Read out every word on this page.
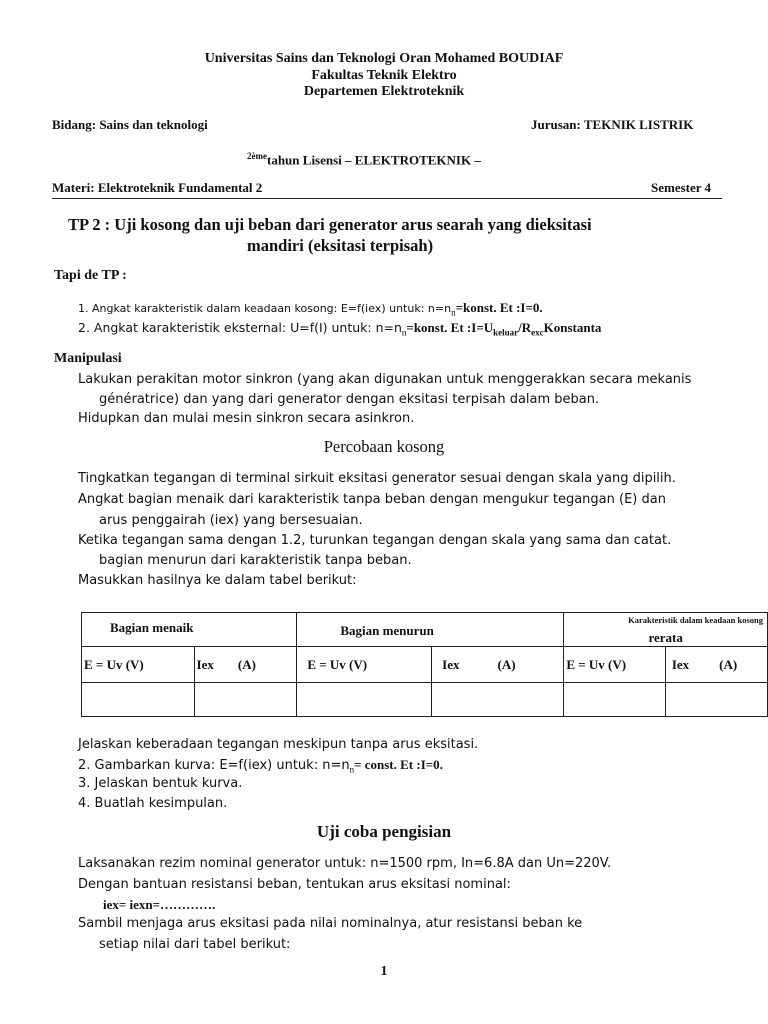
Universitas Sains dan Teknologi Oran Mohamed BOUDIAF
Fakultas Teknik Elektro
Departemen Elektroteknik
Bidang: Sains dan teknologi	Jurusan: TEKNIK LISTRIK
$^{2ème}$tahun Lisensi – ELEKTROTEKNIK –
Materi: Elektroteknik Fundamental 2	Semester 4
TP 2 : Uji kosong dan uji beban dari generator arus searah yang dieksitasi
mandiri (eksitasi terpisah)
Tapi de TP :
1. Angkat karakteristik dalam keadaan kosong: E=f(iex) untuk: $n=n_n=konst$. Et :I=0.
2. Angkat karakteristik eksternal: U=f(I) untuk: $n=n_n=konst$. Et $:I=U_{keluar}/R_{exc}Konstanta$
Manipulasi
Lakukan perakitan motor sinkron (yang akan digunakan untuk menggerakkan secara mekanis
génératrice) dan yang dari generator dengan eksitasi terpisah dalam beban.
Hidupkan dan mulai mesin sinkron secara asinkron.
Percobaan kosong
Tingkatkan tegangan di terminal sirkuit eksitasi generator sesuai dengan skala yang dipilih.
Angkat bagian menaik dari karakteristik tanpa beban dengan mengukur tegangan (E) dan
arus penggairah (iex) yang bersesuaian.
Ketika tegangan sama dengan 1.2, turunkan tegangan dengan skala yang sama dan catat.
bagian menurun dari karakteristik tanpa beban.
Masukkan hasilnya ke dalam tabel berikut:
Bagian menaik		Bagian menurun		Karakteristik dalam keadaan kosong
rerata	

E = Uv (V)	Iex (A)	E = Uv (V)	Iex (A)	E = Uv (V)	Iex (A)

Jelaskan keberadaan tegangan meskipun tanpa arus eksitasi.
2. Gambarkan kurva: E=f(iex) untuk: $n=n_n=$ const. Et :I=0.
3. Jelaskan bentuk kurva.
4. Buatlah kesimpulan.
Uji coba pengisian
Laksanakan rezim nominal generator untuk: n=1500 rpm, In=6.8A dan Un=220V.
Dengan bantuan resistansi beban, tentukan arus eksitasi nominal:
iex= iexn=………….
Sambil menjaga arus eksitasi pada nilai nominalnya, atur resistansi beban ke
setiap nilai dari tabel berikut:
1
